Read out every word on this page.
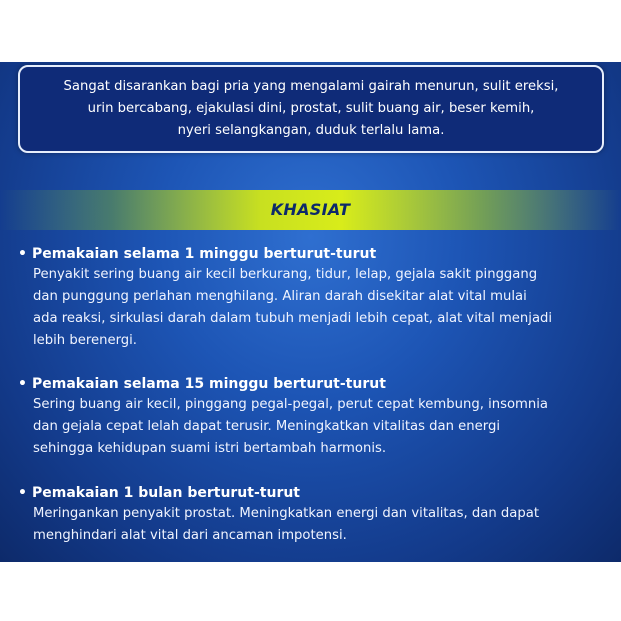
Sangat disarankan bagi pria yang mengalami gairah menurun, sulit ereksi,
urin bercabang, ejakulasi dini, prostat, sulit buang air, beser kemih,
nyeri selangkangan, duduk terlalu lama.
KHASIAT
• Pemakaian selama 1 minggu berturut-turut
Penyakit sering buang air kecil berkurang, tidur, lelap, gejala sakit pinggang
dan punggung perlahan menghilang. Aliran darah disekitar alat vital mulai
ada reaksi, sirkulasi darah dalam tubuh menjadi lebih cepat, alat vital menjadi
lebih berenergi.
• Pemakaian selama 15 minggu berturut-turut
Sering buang air kecil, pinggang pegal-pegal, perut cepat kembung, insomnia
dan gejala cepat lelah dapat terusir. Meningkatkan vitalitas dan energi
sehingga kehidupan suami istri bertambah harmonis.
• Pemakaian 1 bulan berturut-turut
Meringankan penyakit prostat. Meningkatkan energi dan vitalitas, dan dapat
menghindari alat vital dari ancaman impotensi.
